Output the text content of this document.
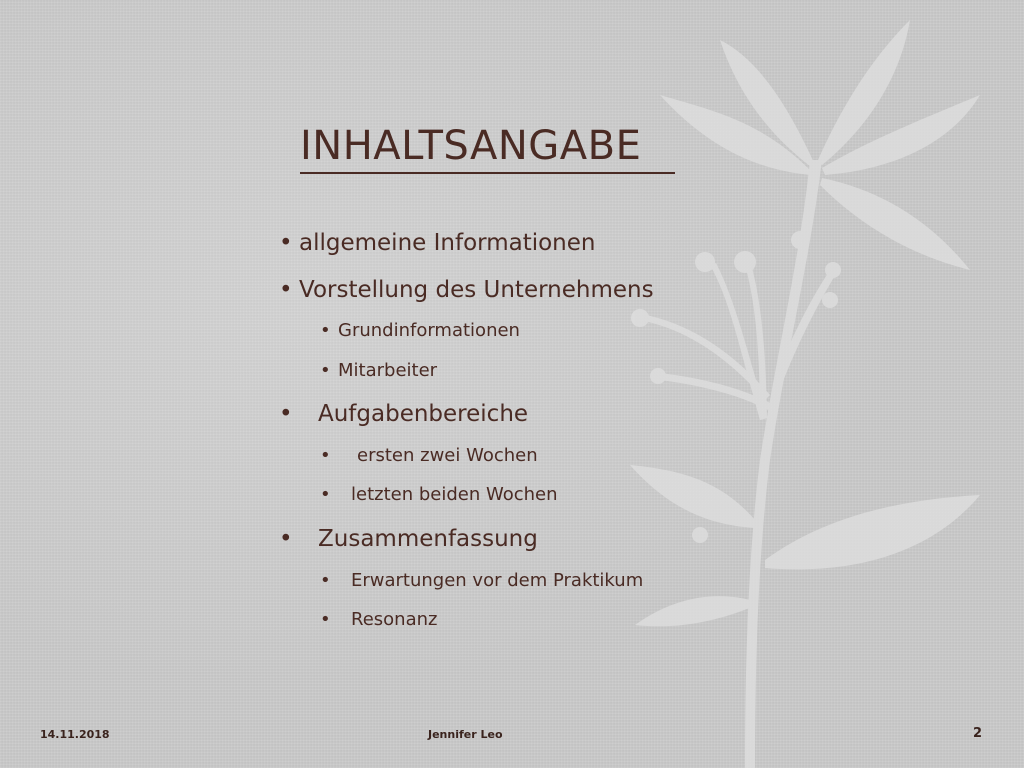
INHALTSANGABE
• allgemeine Informationen
• Vorstellung des Unternehmens
• Grundinformationen
• Mitarbeiter
• Aufgabenbereiche
• ersten zwei Wochen
• letzten beiden Wochen
• Zusammenfassung
• Erwartungen vor dem Praktikum
• Resonanz
14.11.2018	Jennifer Leo	2
